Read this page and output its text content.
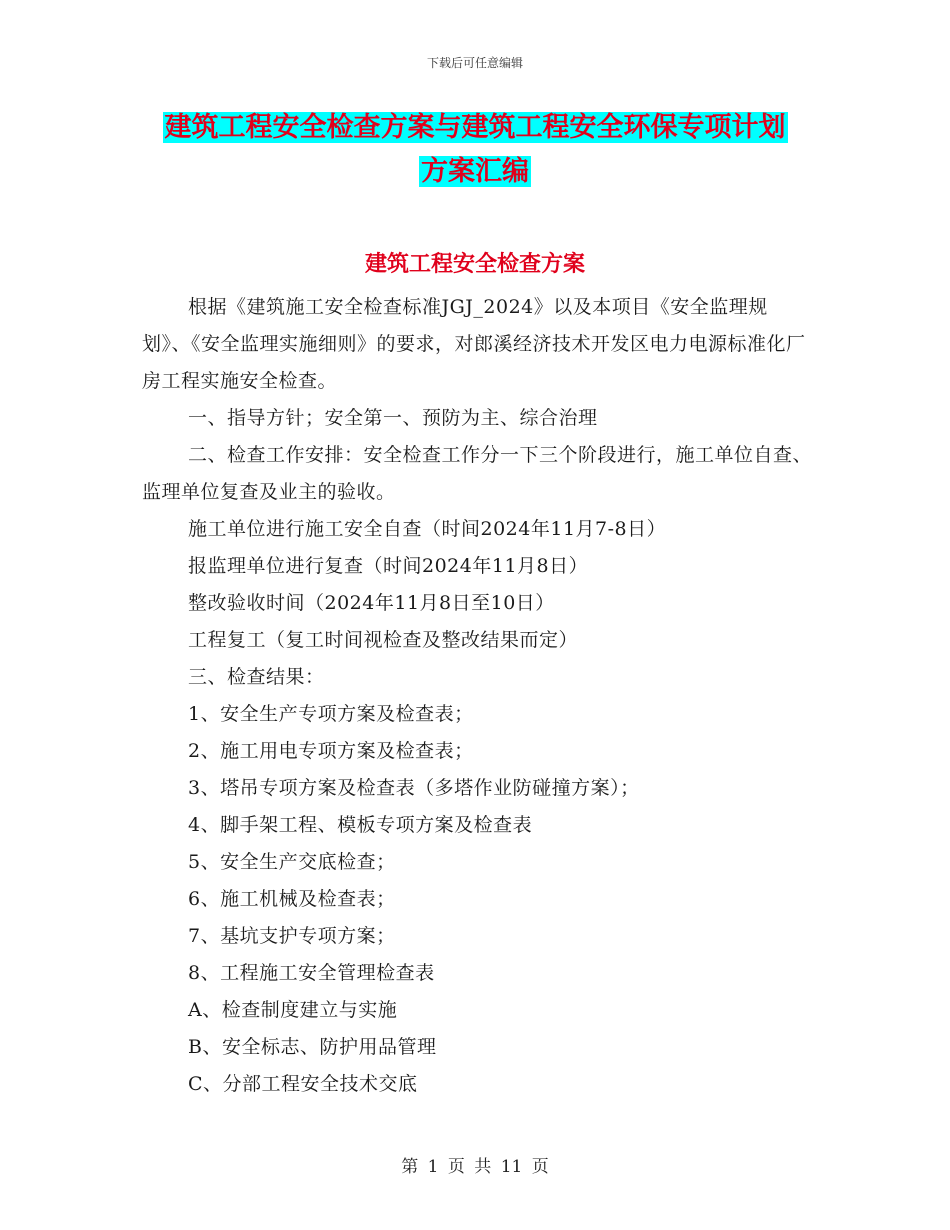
下载后可任意编辑
建筑工程安全检查方案与建筑工程安全环保专项计划
方案汇编
建筑工程安全检查方案

根据《建筑施工安全检查标准JGJ_2024》以及本项目《安全监理规划》、《安全监理实施细则》的要求，对郎溪经济技术开发区电力电源标准化厂房工程实施安全检查。

一、指导方针；安全第一、预防为主、综合治理

二、检查工作安排：安全检查工作分一下三个阶段进行，施工单位自查、监理单位复查及业主的验收。

施工单位进行施工安全自查（时间2024年11月7-8日）

报监理单位进行复查（时间2024年11月8日）

整改验收时间（2024年11月8日至10日）

工程复工（复工时间视检查及整改结果而定）

三、检查结果：

1、安全生产专项方案及检查表；

2、施工用电专项方案及检查表；

3、塔吊专项方案及检查表（多塔作业防碰撞方案）；

4、脚手架工程、模板专项方案及检查表

5、安全生产交底检查；

6、施工机械及检查表；

7、基坑支护专项方案；

8、工程施工安全管理检查表

A、检查制度建立与实施

B、安全标志、防护用品管理

C、分部工程安全技术交底

第 1 页 共 11 页
